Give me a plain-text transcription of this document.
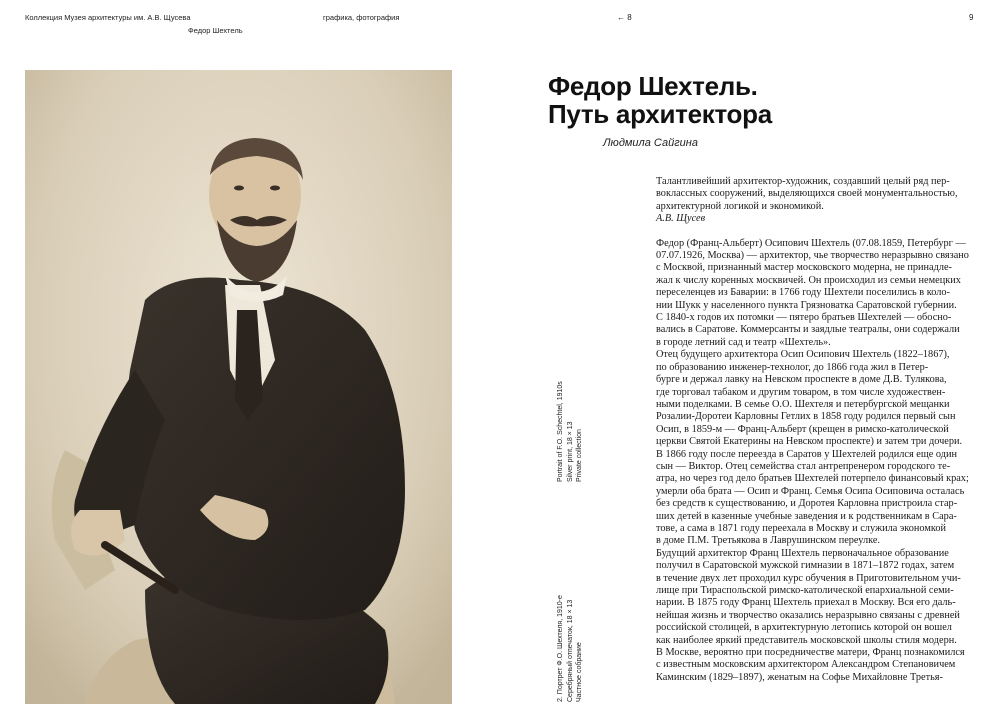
Коллекция Музея архитектуры им. А.В. Щусева
Федор Шехтель
графика, фотография	← 8	9
Portrait of F.O. Schechtel, 1910s Silver print, 18 × 13 Private collection
2. Портрет Ф.О. Шехтеля, 1910-е Серебряный отпечаток, 18 × 13 Частное собрание
Федор Шехтель.
Путь архитектора
Людмила Сайгина
Талантливейший архитектор-художник, создавший целый ряд пер-
воклассных сооружений, выделяющихся своей монументальностью,
архитектурной логикой и экономикой.
А.В. Щусев
Федор (Франц-Альберт) Осипович Шехтель (07.08.1859, Петербург —
07.07.1926, Москва) — архитектор, чье творчество неразрывно связано
с Москвой, признанный мастер московского модерна, не принадле-
жал к числу коренных москвичей. Он происходил из семьи немецких
переселенцев из Баварии: в 1766 году Шехтели поселились в коло-
нии Шукк у населенного пункта Грязноватка Саратовской губернии.
С 1840-х годов их потомки — пятеро братьев Шехтелей — обосно-
вались в Саратове. Коммерсанты и заядлые театралы, они содержали
в городе летний сад и театр «Шехтель».
Отец будущего архитектора Осип Осипович Шехтель (1822–1867),
по образованию инженер-технолог, до 1866 года жил в Петер-
бурге и держал лавку на Невском проспекте в доме Д.В. Тулякова,
где торговал табаком и другим товаром, в том числе художествен-
ными поделками. В семье О.О. Шехтеля и петербургской мещанки
Розалии-Доротеи Карловны Гетлих в 1858 году родился первый сын
Осип, в 1859-м — Франц-Альберт (крещен в римско-католической
церкви Святой Екатерины на Невском проспекте) и затем три дочери.
В 1866 году после переезда в Саратов у Шехтелей родился еще один
сын — Виктор. Отец семейства стал антрепренером городского те-
атра, но через год дело братьев Шехтелей потерпело финансовый крах;
умерли оба брата — Осип и Франц. Семья Осипа Осиповича осталась
без средств к существованию, и Доротея Карловна пристроила стар-
ших детей в казенные учебные заведения и к родственникам в Сара-
тове, а сама в 1871 году переехала в Москву и служила экономкой
в доме П.М. Третьякова в Лаврушинском переулке.
Будущий архитектор Франц Шехтель первоначальное образование
получил в Саратовской мужской гимназии в 1871–1872 годах, затем
в течение двух лет проходил курс обучения в Приготовительном учи-
лище при Тираспольской римско-католической епархиальной семи-
нарии. В 1875 году Франц Шехтель приехал в Москву. Вся его даль-
нейшая жизнь и творчество оказались неразрывно связаны с древней
российской столицей, в архитектурную летопись которой он вошел
как наиболее яркий представитель московской школы стиля модерн.
В Москве, вероятно при посредничестве матери, Франц познакомился
с известным московским архитектором Александром Степановичем
Каминским (1829–1897), женатым на Софье Михайловне Третья-
